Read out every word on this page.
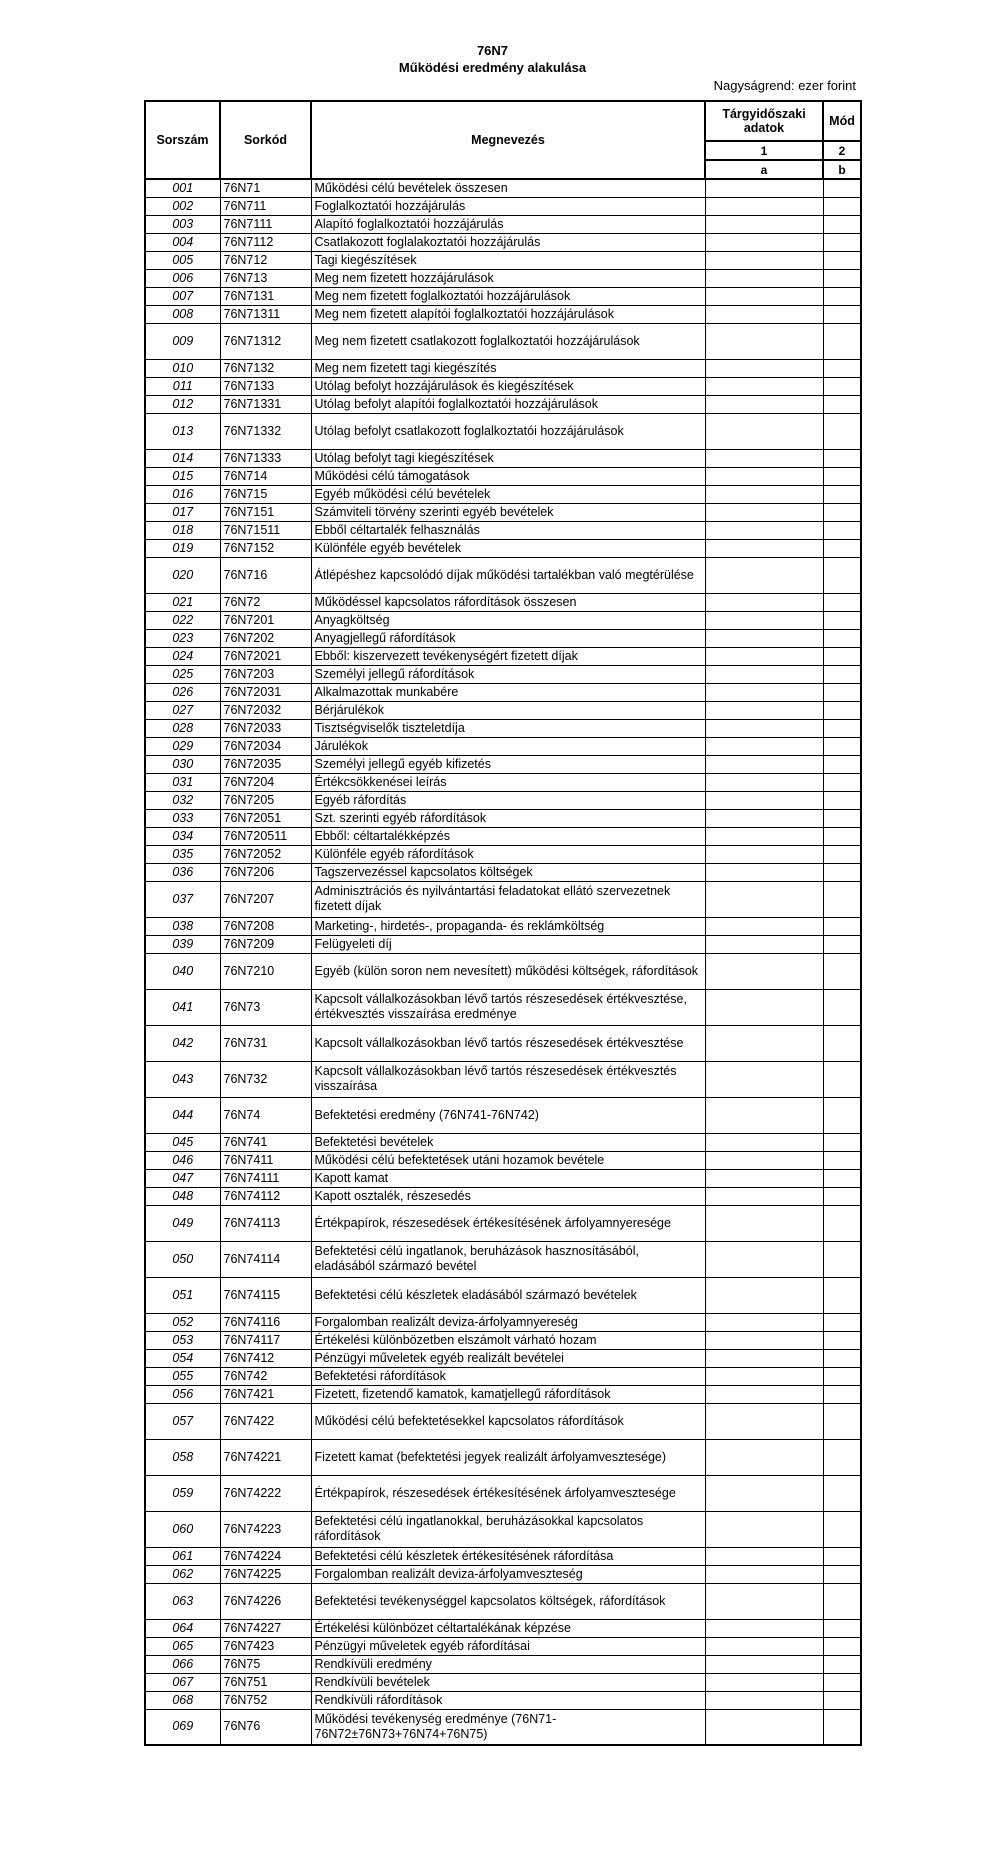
76N7
Működési eredmény alakulása
Nagyságrend: ezer forint
Sorszám	Sorkód	Megnevezés	Tárgyidőszaki adatok	Mód
			1	2
			a	b
001	76N71	Működési célú bevételek összesen		
002	76N711	Foglalkoztatói hozzájárulás		
003	76N7111	Alapító foglalkoztatói hozzájárulás		
004	76N7112	Csatlakozott foglalakoztatói hozzájárulás		
005	76N712	Tagi kiegészítések		
006	76N713	Meg nem fizetett hozzájárulások		
007	76N7131	Meg nem fizetett foglalkoztatói hozzájárulások		
008	76N71311	Meg nem fizetett alapítói foglalkoztatói hozzájárulások		
009	76N71312	Meg nem fizetett csatlakozott foglalkoztatói hozzájárulások		
010	76N7132	Meg nem fizetett tagi kiegészítés		
011	76N7133	Utólag befolyt hozzájárulások és kiegészítések		
012	76N71331	Utólag befolyt alapítói foglalkoztatói hozzájárulások		
013	76N71332	Utólag befolyt csatlakozott foglalkoztatói hozzájárulások		
014	76N71333	Utólag befolyt tagi kiegészítések		
015	76N714	Működési célú támogatások		
016	76N715	Egyéb működési célú bevételek		
017	76N7151	Számviteli törvény szerinti egyéb bevételek		
018	76N71511	Ebből céltartalék felhasználás		
019	76N7152	Különféle egyéb bevételek		
020	76N716	Átlépéshez kapcsolódó díjak működési tartalékban való megtérülése		
021	76N72	Működéssel kapcsolatos ráfordítások összesen		
022	76N7201	Anyagköltség		
023	76N7202	Anyagjellegű ráfordítások		
024	76N72021	Ebből: kiszervezett tevékenységért fizetett díjak		
025	76N7203	Személyi jellegű ráfordítások		
026	76N72031	Alkalmazottak munkabére		
027	76N72032	Bérjárulékok		
028	76N72033	Tisztségviselők tiszteletdíja		
029	76N72034	Járulékok		
030	76N72035	Személyi jellegű egyéb kifizetés		
031	76N7204	Értékcsökkenései leírás		
032	76N7205	Egyéb ráfordítás		
033	76N72051	Szt. szerinti egyéb ráfordítások		
034	76N720511	Ebből: céltartalékképzés		
035	76N72052	Különféle egyéb ráfordítások		
036	76N7206	Tagszervezéssel kapcsolatos költségek		
037	76N7207	Adminisztrációs és nyilvántartási feladatokat ellátó szervezetnek fizetett díjak		
038	76N7208	Marketing-, hirdetés-, propaganda- és reklámköltség		
039	76N7209	Felügyeleti díj		
040	76N7210	Egyéb (külön soron nem nevesített) működési költségek, ráfordítások		
041	76N73	Kapcsolt vállalkozásokban lévő tartós részesedések értékvesztése, értékvesztés visszaírása eredménye		
042	76N731	Kapcsolt vállalkozásokban lévő tartós részesedések értékvesztése		
043	76N732	Kapcsolt vállalkozásokban lévő tartós részesedések értékvesztés visszaírása		
044	76N74	Befektetési eredmény (76N741-76N742)		
045	76N741	Befektetési bevételek		
046	76N7411	Működési célú befektetések utáni hozamok bevétele		
047	76N74111	Kapott kamat		
048	76N74112	Kapott osztalék, részesedés		
049	76N74113	Értékpapírok, részesedések értékesítésének árfolyamnyeresége		
050	76N74114	Befektetési célú ingatlanok, beruházások hasznosításából, eladásából származó bevétel		
051	76N74115	Befektetési célú készletek eladásából származó bevételek		
052	76N74116	Forgalomban realizált deviza-árfolyamnyereség		
053	76N74117	Értékelési különbözetben elszámolt várható hozam		
054	76N7412	Pénzügyi műveletek egyéb realizált bevételei		
055	76N742	Befektetési ráfordítások		
056	76N7421	Fizetett, fizetendő kamatok, kamatjellegű ráfordítások		
057	76N7422	Működési célú befektetésekkel kapcsolatos ráfordítások		
058	76N74221	Fizetett kamat (befektetési jegyek realizált árfolyamvesztesége)		
059	76N74222	Értékpapírok, részesedések értékesítésének árfolyamvesztesége		
060	76N74223	Befektetési célú ingatlanokkal, beruházásokkal kapcsolatos ráfordítások		
061	76N74224	Befektetési célú készletek értékesítésének ráfordítása		
062	76N74225	Forgalomban realizált deviza-árfolyamveszteség		
063	76N74226	Befektetési tevékenységgel kapcsolatos költségek, ráfordítások		
064	76N74227	Értékelési különbözet céltartalékának képzése		
065	76N7423	Pénzügyi műveletek egyéb ráfordításai		
066	76N75	Rendkívüli eredmény		
067	76N751	Rendkívüli bevételek		
068	76N752	Rendkívüli ráfordítások		
069	76N76	Működési tevékenység eredménye (76N71-76N72±76N73+76N74+76N75)		
